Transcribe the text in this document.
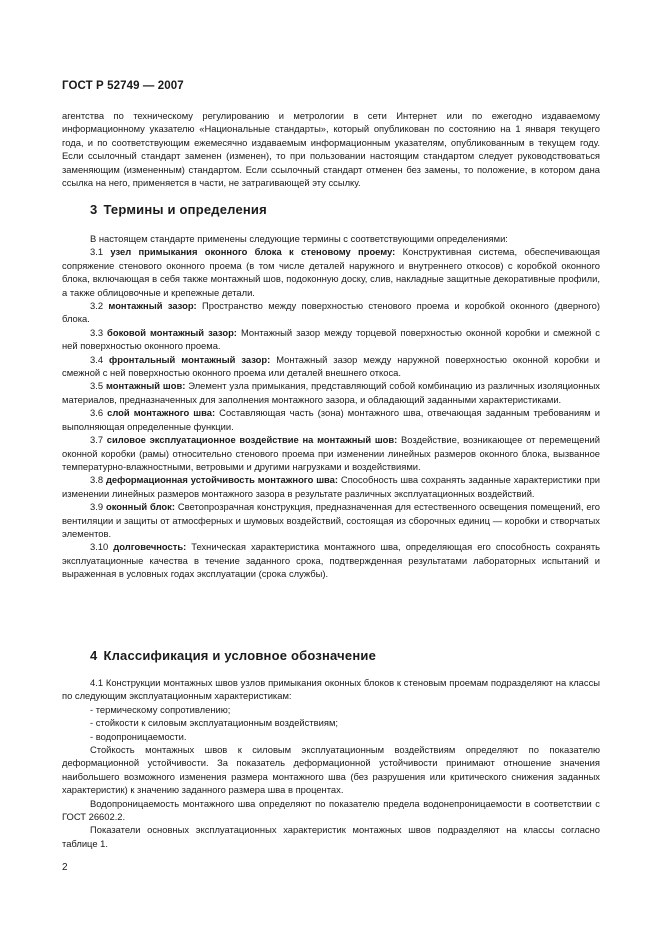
ГОСТ Р 52749 — 2007

агентства по техническому регулированию и метрологии в сети Интернет или по ежегодно издаваемому информационному указателю «Национальные стандарты», который опубликован по состоянию на 1 января текущего года, и по соответствующим ежемесячно издаваемым информационным указателям, опубликованным в текущем году. Если ссылочный стандарт заменен (изменен), то при пользовании настоящим стандартом следует руководствоваться заменяющим (измененным) стандартом. Если ссылочный стандарт отменен без замены, то положение, в котором дана ссылка на него, применяется в части, не затрагивающей эту ссылку.

3 Термины и определения

В настоящем стандарте применены следующие термины с соответствующими определениями:

3.1 узел примыкания оконного блока к стеновому проему: Конструктивная система, обеспечивающая сопряжение стенового оконного проема (в том числе деталей наружного и внутреннего откосов) с коробкой оконного блока, включающая в себя также монтажный шов, подоконную доску, слив, накладные защитные декоративные профили, а также облицовочные и крепежные детали.

3.2 монтажный зазор: Пространство между поверхностью стенового проема и коробкой оконного (дверного) блока.

3.3 боковой монтажный зазор: Монтажный зазор между торцевой поверхностью оконной коробки и смежной с ней поверхностью оконного проема.

3.4 фронтальный монтажный зазор: Монтажный зазор между наружной поверхностью оконной коробки и смежной с ней поверхностью оконного проема или деталей внешнего откоса.

3.5 монтажный шов: Элемент узла примыкания, представляющий собой комбинацию из различных изоляционных материалов, предназначенных для заполнения монтажного зазора, и обладающий заданными характеристиками.

3.6 слой монтажного шва: Составляющая часть (зона) монтажного шва, отвечающая заданным требованиям и выполняющая определенные функции.

3.7 силовое эксплуатационное воздействие на монтажный шов: Воздействие, возникающее от перемещений оконной коробки (рамы) относительно стенового проема при изменении линейных размеров оконного блока, вызванное температурно-влажностными, ветровыми и другими нагрузками и воздействиями.

3.8 деформационная устойчивость монтажного шва: Способность шва сохранять заданные характеристики при изменении линейных размеров монтажного зазора в результате различных эксплуатационных воздействий.

3.9 оконный блок: Светопрозрачная конструкция, предназначенная для естественного освещения помещений, его вентиляции и защиты от атмосферных и шумовых воздействий, состоящая из сборочных единиц — коробки и створчатых элементов.

3.10 долговечность: Техническая характеристика монтажного шва, определяющая его способность сохранять эксплуатационные качества в течение заданного срока, подтвержденная результатами лабораторных испытаний и выраженная в условных годах эксплуатации (срока службы).

4 Классификация и условное обозначение

4.1 Конструкции монтажных швов узлов примыкания оконных блоков к стеновым проемам подразделяют на классы по следующим эксплуатационным характеристикам:

- термическому сопротивлению;

- стойкости к силовым эксплуатационным воздействиям;

- водопроницаемости.

Стойкость монтажных швов к силовым эксплуатационным воздействиям определяют по показателю деформационной устойчивости. За показатель деформационной устойчивости принимают отношение значения наибольшего возможного изменения размера монтажного шва (без разрушения или критического снижения заданных характеристик) к значению заданного размера шва в процентах.

Водопроницаемость монтажного шва определяют по показателю предела водонепроницаемости в соответствии с ГОСТ 26602.2.

Показатели основных эксплуатационных характеристик монтажных швов подразделяют на классы согласно таблице 1.

2
